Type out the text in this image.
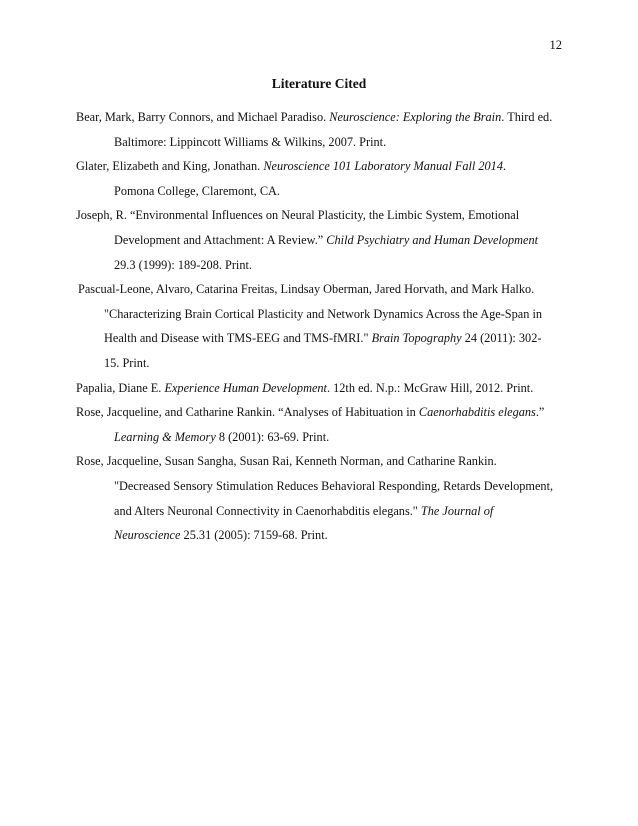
12
Literature Cited
Bear, Mark, Barry Connors, and Michael Paradiso. Neuroscience: Exploring the Brain. Third ed.
Baltimore: Lippincott Williams & Wilkins, 2007. Print.
Glater, Elizabeth and King, Jonathan. Neuroscience 101 Laboratory Manual Fall 2014.
Pomona College, Claremont, CA.
Joseph, R. “Environmental Influences on Neural Plasticity, the Limbic System, Emotional
Development and Attachment: A Review.” Child Psychiatry and Human Development
29.3 (1999): 189-208. Print.
Pascual-Leone, Alvaro, Catarina Freitas, Lindsay Oberman, Jared Horvath, and Mark Halko.
"Characterizing Brain Cortical Plasticity and Network Dynamics Across the Age-Span in
Health and Disease with TMS-EEG and TMS-fMRI." Brain Topography 24 (2011): 302-
15. Print.
Papalia, Diane E. Experience Human Development. 12th ed. N.p.: McGraw Hill, 2012. Print.
Rose, Jacqueline, and Catharine Rankin. “Analyses of Habituation in Caenorhabditis elegans.”
Learning & Memory 8 (2001): 63-69. Print.
Rose, Jacqueline, Susan Sangha, Susan Rai, Kenneth Norman, and Catharine Rankin.
"Decreased Sensory Stimulation Reduces Behavioral Responding, Retards Development,
and Alters Neuronal Connectivity in Caenorhabditis elegans." The Journal of
Neuroscience 25.31 (2005): 7159-68. Print.
